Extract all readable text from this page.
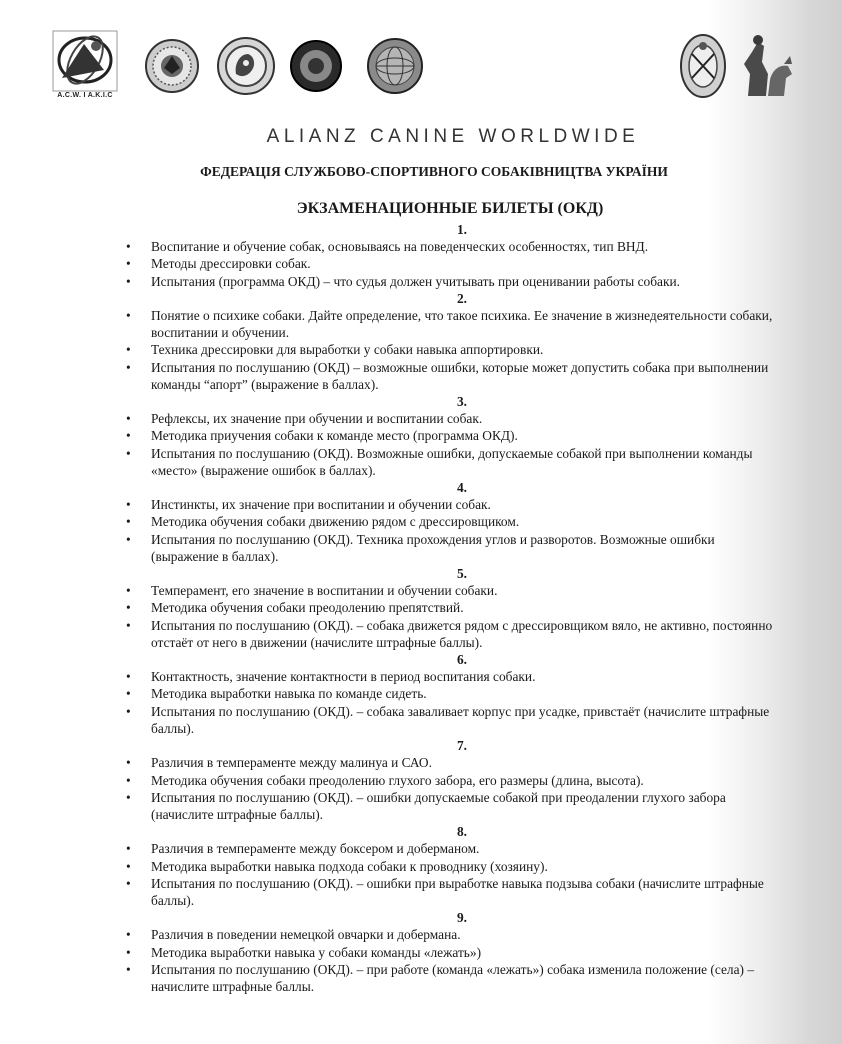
A.C.W. I A.K.I.C
ALIANZ CANINE WORLDWIDE
ФЕДЕРАЦІЯ СЛУЖБОВО-СПОРТИВНОГО СОБАКІВНИЦТВА УКРАЇНИ
ЭКЗАМЕНАЦИОННЫЕ БИЛЕТЫ (ОКД)
1.
• Воспитание и обучение собак, основываясь на поведенческих особенностях, тип ВНД.
• Методы дрессировки собак.
• Испытания (программа ОКД) – что судья должен учитывать при оценивании работы собаки.
2.
• Понятие о психике собаки. Дайте определение, что такое психика. Ее значение в жизнедеятельности собаки, воспитании и обучении.
• Техника дрессировки для выработки у собаки навыка аппортировки.
• Испытания по послушанию (ОКД) – возможные ошибки, которые может допустить собака при выполнении команды “апорт” (выражение в баллах).
3.
• Рефлексы, их значение при обучении и воспитании собак.
• Методика приучения собаки к команде место (программа ОКД).
• Испытания по послушанию (ОКД). Возможные ошибки, допускаемые собакой при выполнении команды «место» (выражение ошибок в баллах).
4.
• Инстинкты, их значение при воспитании и обучении собак.
• Методика обучения собаки движению рядом с дрессировщиком.
• Испытания по послушанию (ОКД). Техника прохождения углов и разворотов. Возможные ошибки (выражение в баллах).
5.
• Темперамент, его значение в воспитании и обучении собаки.
• Методика обучения собаки преодолению препятствий.
• Испытания по послушанию (ОКД). – собака движется рядом с дрессировщиком вяло, не активно, постоянно отстаёт от него в движении (начислите штрафные баллы).
6.
• Контактность, значение контактности в период воспитания собаки.
• Методика выработки навыка по команде сидеть.
• Испытания по послушанию (ОКД). – собака заваливает корпус при усадке, привстаёт (начислите штрафные баллы).
7.
• Различия в темпераменте между малинуа и САО.
• Методика обучения собаки преодолению глухого забора, его размеры (длина, высота).
• Испытания по послушанию (ОКД). – ошибки допускаемые собакой при преодалении глухого забора (начислите штрафные баллы).
8.
• Различия в темпераменте между боксером и доберманом.
• Методика выработки навыка подхода собаки к проводнику (хозяину).
• Испытания по послушанию (ОКД). – ошибки при выработке навыка подзыва собаки (начислите штрафные баллы).
9.
• Различия в поведении немецкой овчарки и добермана.
• Методика выработки навыка у собаки команды «лежать»)
• Испытания по послушанию (ОКД). – при работе (команда «лежать») собака изменила положение (села) – начислите штрафные баллы.
